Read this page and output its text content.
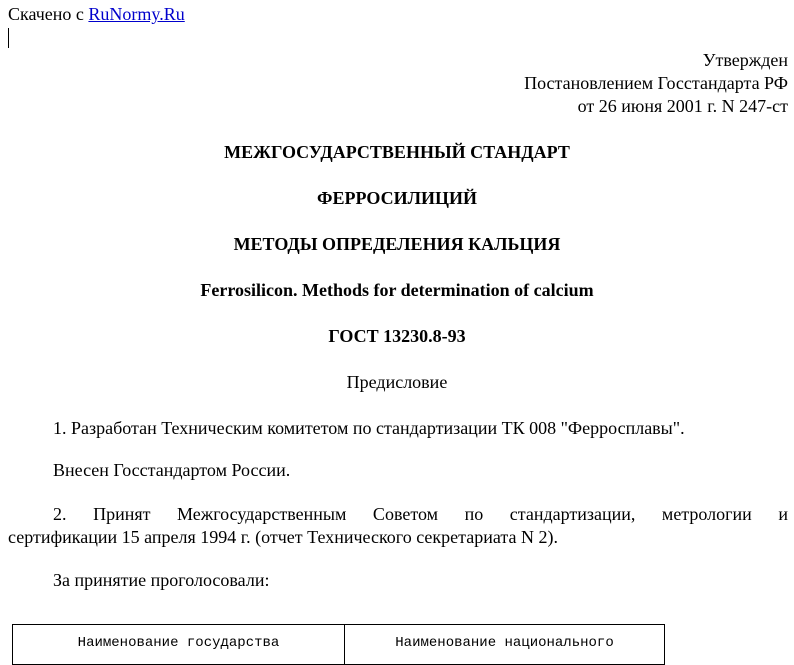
Скачено с RuNormy.Ru
Утвержден
Постановлением Госстандарта РФ
от 26 июня 2001 г. N 247-ст
МЕЖГОСУДАРСТВЕННЫЙ СТАНДАРТ
ФЕРРОСИЛИЦИЙ
МЕТОДЫ ОПРЕДЕЛЕНИЯ КАЛЬЦИЯ
Ferrosilicon. Methods for determination of calcium
ГОСТ 13230.8-93
Предисловие
1. Разработан Техническим комитетом по стандартизации ТК 008 "Ферросплавы".
Внесен Госстандартом России.
2. Принят Межгосударственным Советом по стандартизации, метрологии и
сертификации 15 апреля 1994 г. (отчет Технического секретариата N 2).
За принятие проголосовали:
Наименование государства	Наименование национального
